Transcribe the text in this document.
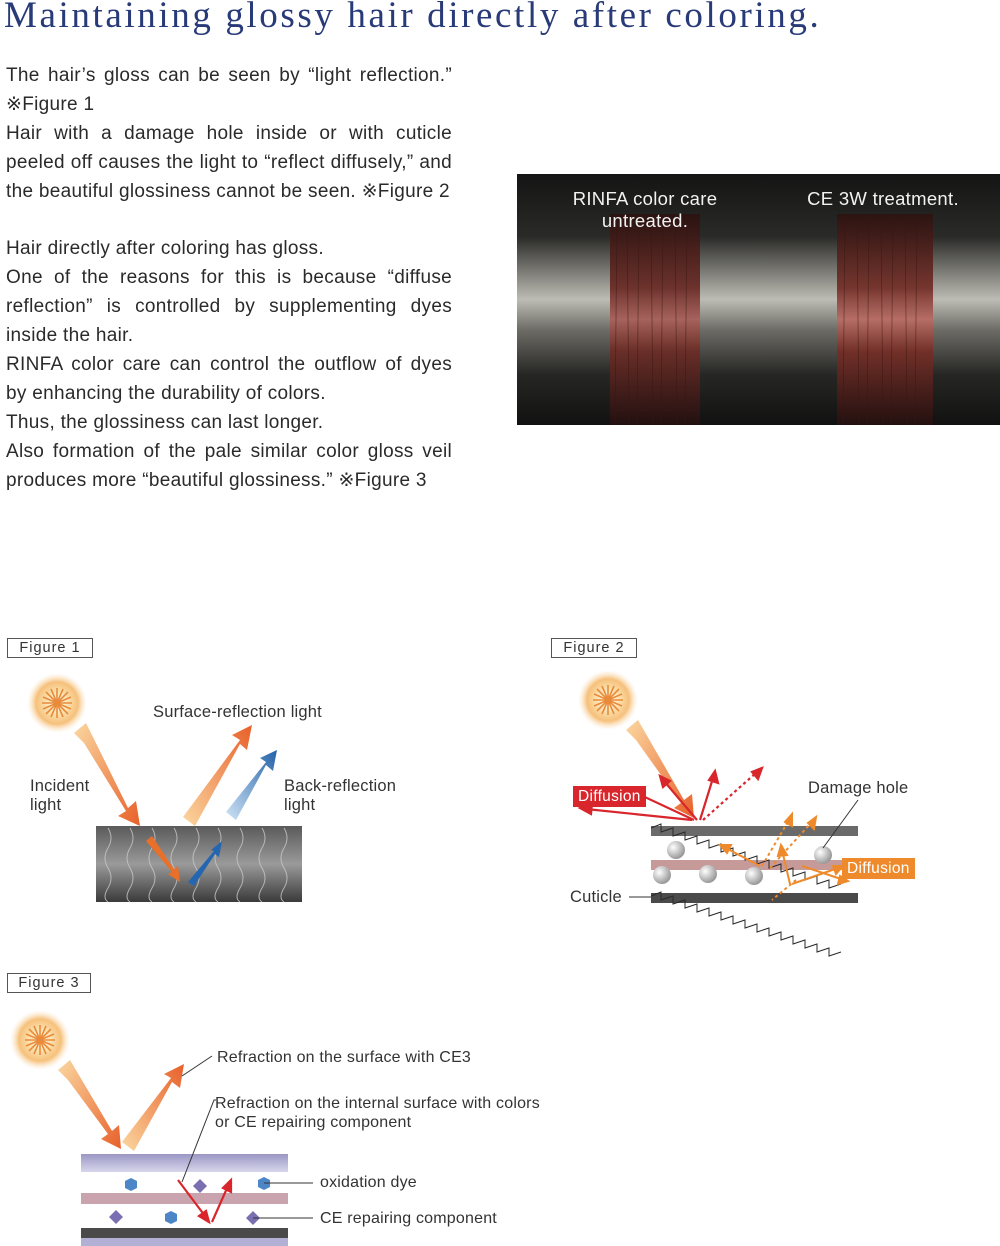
Maintaining glossy hair directly after coloring.

The hair’s gloss can be seen by “light reflection.” ※Figure 1

Hair with a damage hole inside or with cuticle peeled off causes the light to “reflect diffusely,” and the beautiful glossiness cannot be seen. ※Figure 2

Hair directly after coloring has gloss.

One of the reasons for this is because “diffuse reflection” is controlled by supplementing dyes inside the hair.

RINFA color care can control the outflow of dyes by enhancing the durability of colors.

Thus, the glossiness can last longer.

Also formation of the pale similar color gloss veil produces more “beautiful glossiness.” ※Figure 3

RINFA color care untreated.
CE 3W treatment.
Figure 1
Surface-reflection light
Incident light
Back-reflection light
Figure 2
Diffusion	Damage hole
Diffusion
Cuticle
Figure 3
Refraction on the surface with CE3
Refraction on the internal surface with colors or CE repairing component
oxidation dye
CE repairing component
